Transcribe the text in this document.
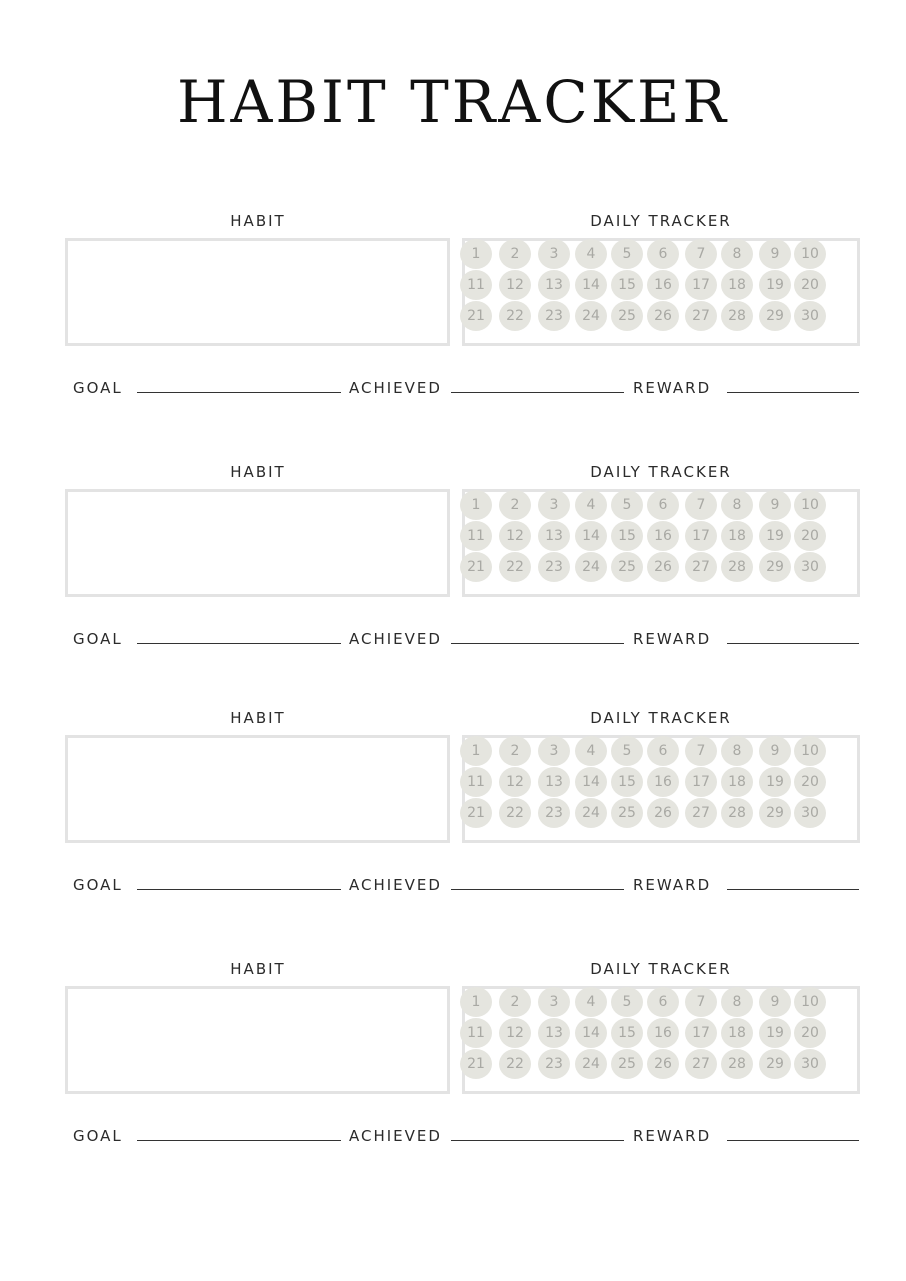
HABIT TRACKER
HABIT	DAILY TRACKER
GOAL	ACHIEVED	REWARD
1	2	3	4	5	6	7	8	9	10
11	12	13	14	15	16	17	18	19	20
21	22	23	24	25	26	27	28	29	30
HABIT	DAILY TRACKER
GOAL	ACHIEVED	REWARD
1	2	3	4	5	6	7	8	9	10
11	12	13	14	15	16	17	18	19	20
21	22	23	24	25	26	27	28	29	30
HABIT	DAILY TRACKER
GOAL	ACHIEVED	REWARD
1	2	3	4	5	6	7	8	9	10
11	12	13	14	15	16	17	18	19	20
21	22	23	24	25	26	27	28	29	30
HABIT	DAILY TRACKER
GOAL	ACHIEVED	REWARD
1	2	3	4	5	6	7	8	9	10
11	12	13	14	15	16	17	18	19	20
21	22	23	24	25	26	27	28	29	30
